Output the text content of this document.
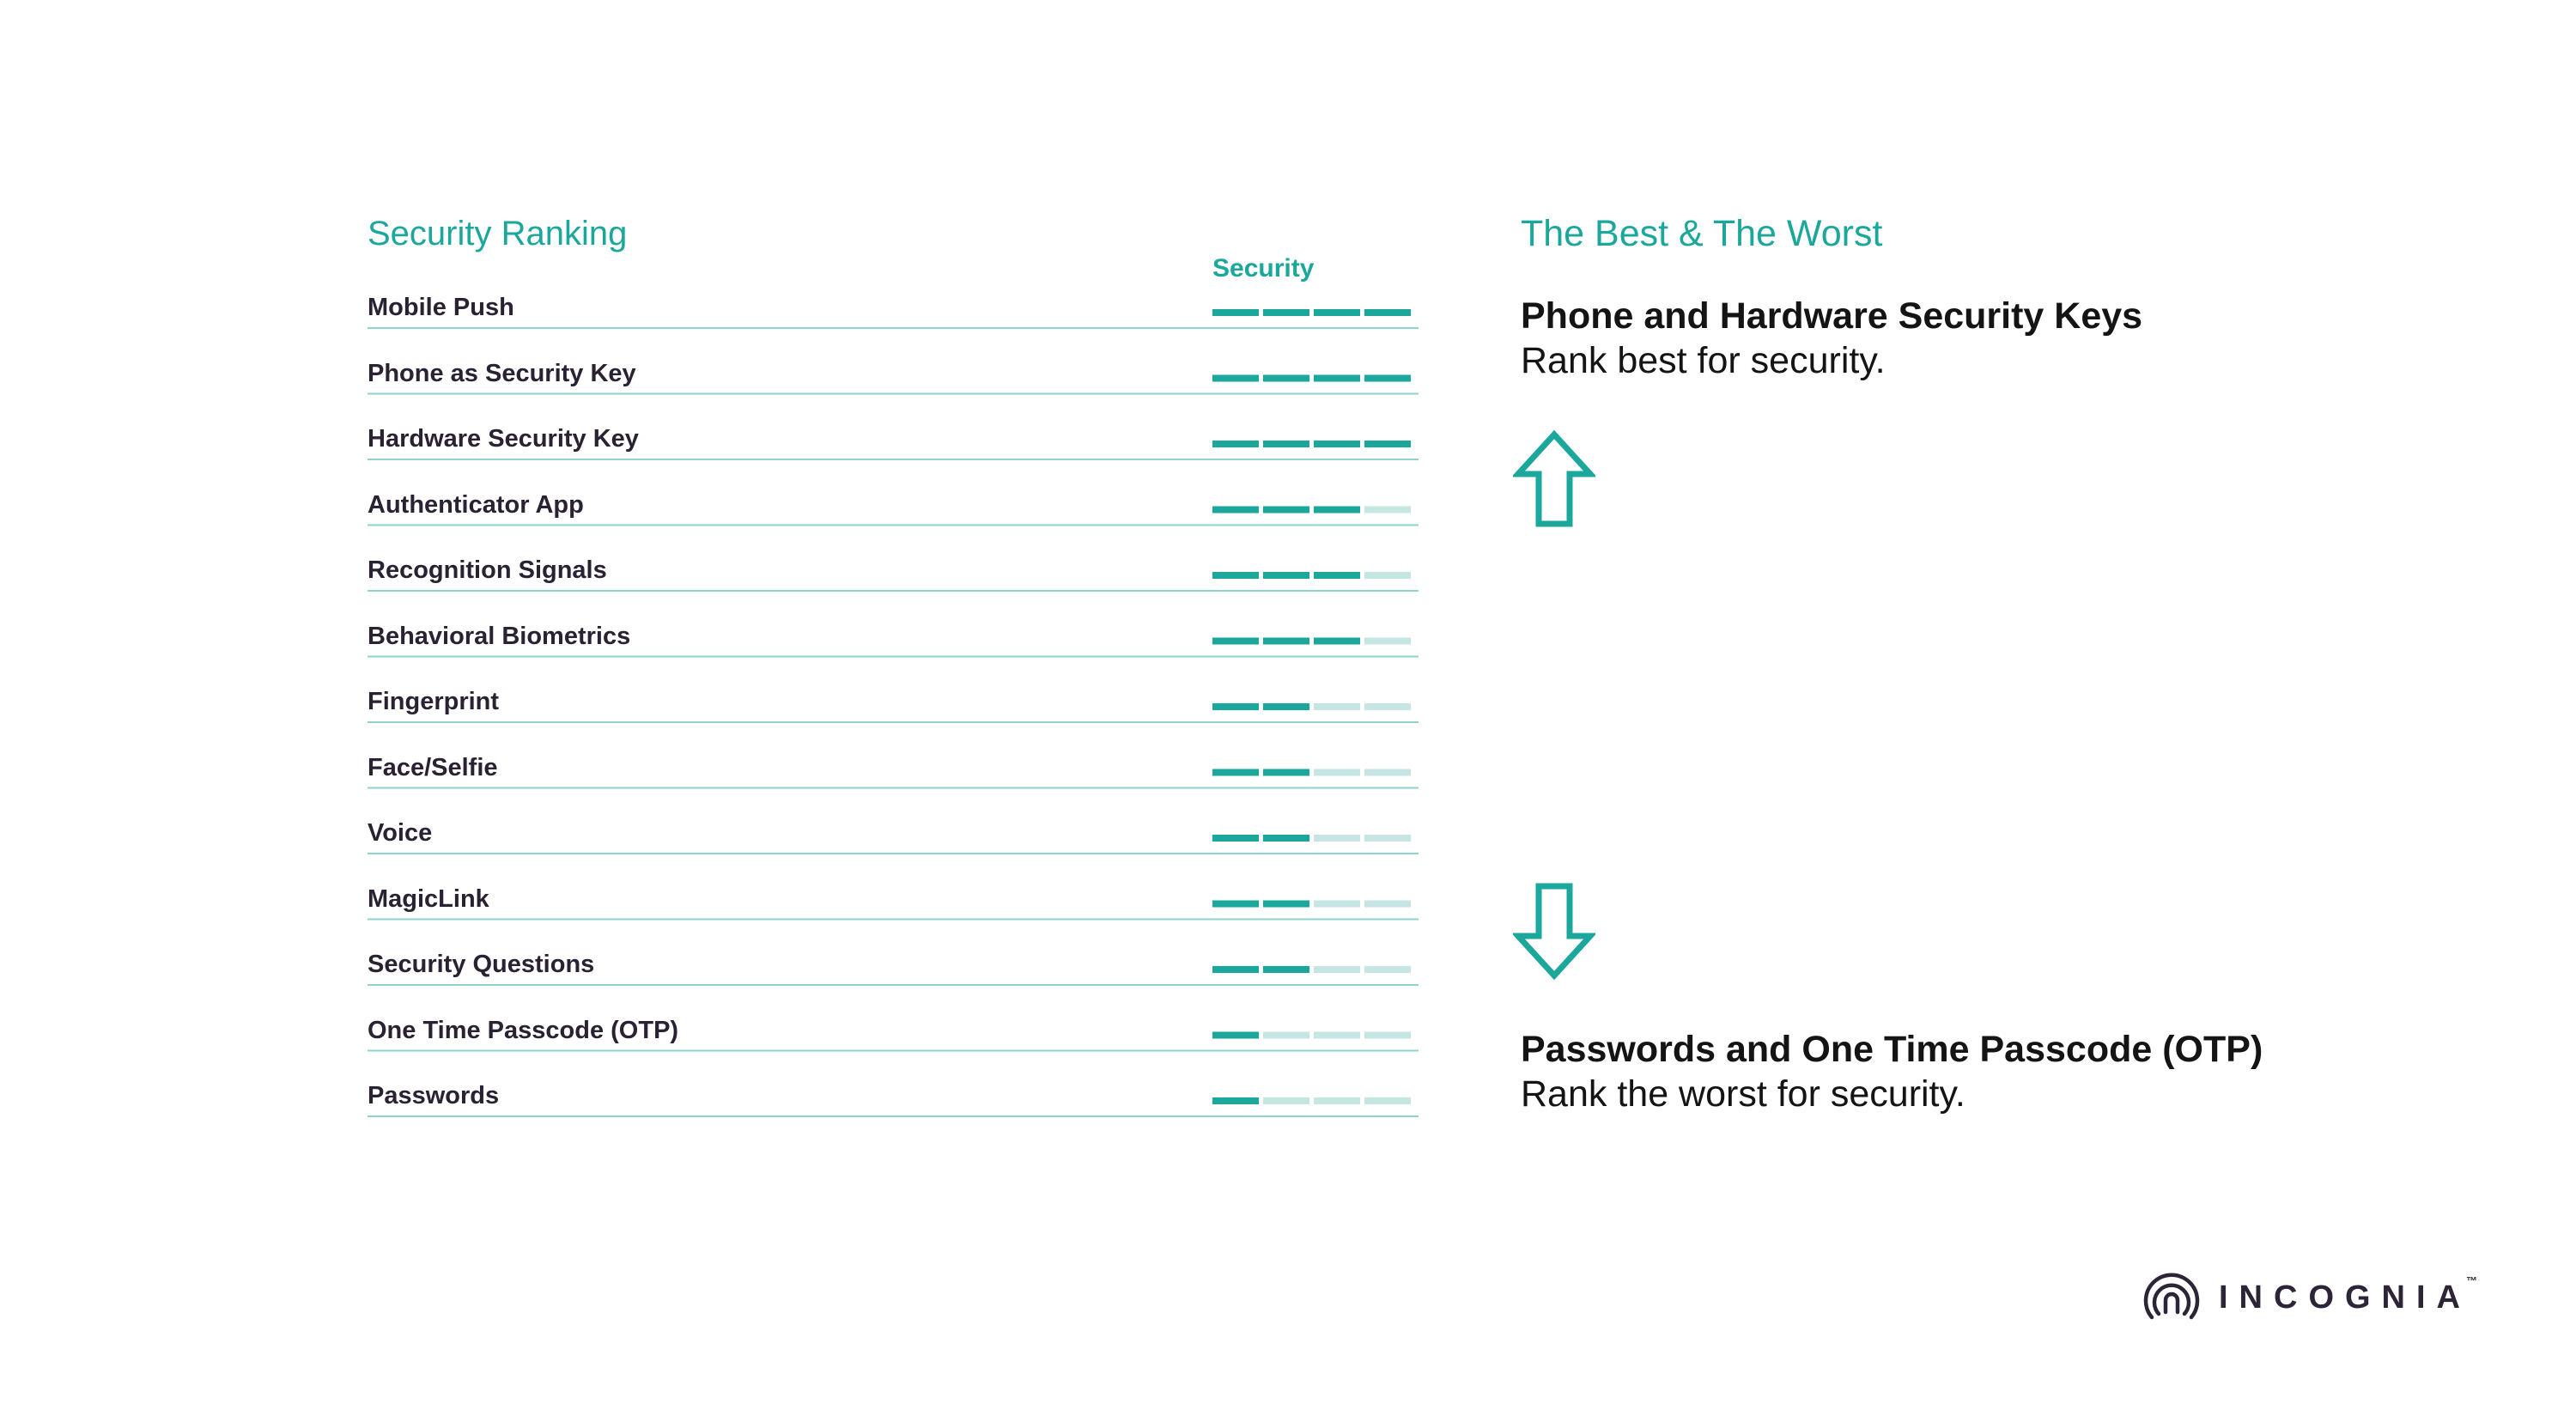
Security Ranking
Security
Mobile Push
Phone as Security Key
Hardware Security Key
Authenticator App
Recognition Signals
Behavioral Biometrics
Fingerprint
Face/Selfie
Voice
MagicLink
Security Questions
One Time Passcode (OTP)
Passwords
The Best & The Worst
Phone and Hardware Security Keys
Rank best for security.
Passwords and One Time Passcode (OTP)
Rank the worst for security.
INCOGNIA
™
